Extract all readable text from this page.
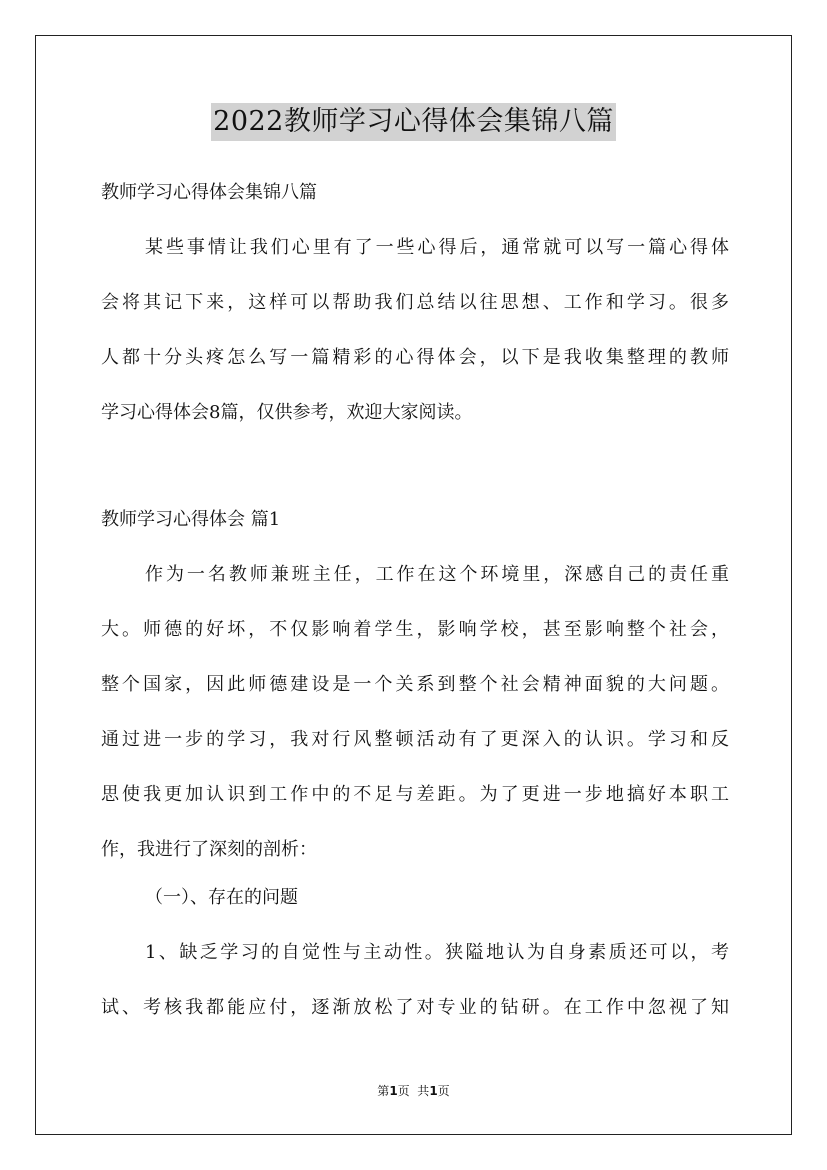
2022教师学习心得体会集锦八篇
教师学习心得体会集锦八篇
某些事情让我们心里有了一些心得后，通常就可以写一篇心得体
会将其记下来，这样可以帮助我们总结以往思想、工作和学习。很多
人都十分头疼怎么写一篇精彩的心得体会，以下是我收集整理的教师
学习心得体会8篇，仅供参考，欢迎大家阅读。
教师学习心得体会 篇1
作为一名教师兼班主任，工作在这个环境里，深感自己的责任重
大。师德的好坏，不仅影响着学生，影响学校，甚至影响整个社会，
整个国家，因此师德建设是一个关系到整个社会精神面貌的大问题。
通过进一步的学习，我对行风整顿活动有了更深入的认识。学习和反
思使我更加认识到工作中的不足与差距。为了更进一步地搞好本职工
作，我进行了深刻的剖析：
（一）、存在的问题
1、缺乏学习的自觉性与主动性。狭隘地认为自身素质还可以，考
试、考核我都能应付，逐渐放松了对专业的钻研。在工作中忽视了知
第1页  共1页
